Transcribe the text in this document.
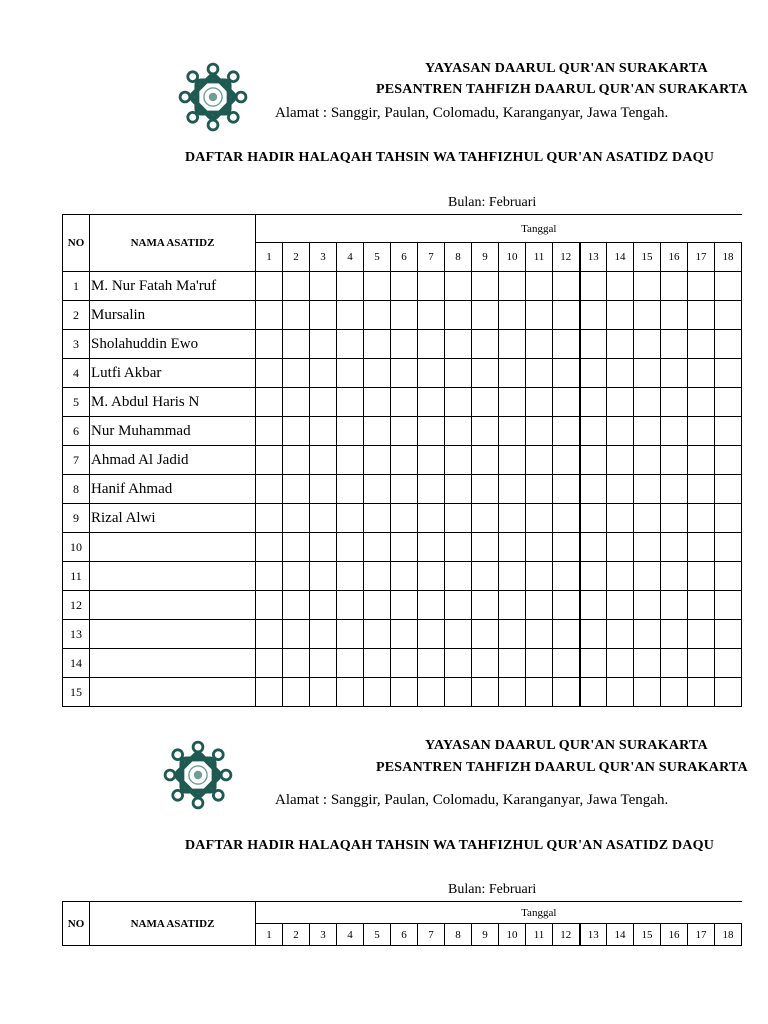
YAYASAN DAARUL QUR'AN SURAKARTA
PESANTREN TAHFIZH DAARUL QUR'AN SURAKARTA
Alamat : Sanggir, Paulan, Colomadu, Karanganyar, Jawa Tengah.
DAFTAR HADIR HALAQAH TAHSIN WA TAHFIZHUL QUR'AN ASATIDZ DAQU
Bulan: Februari
NO	NAMA ASATIDZ	Tanggal																	
		1	2	3	4	5	6	7	8	9	10	11	12	13	14	15	16	17	18
1	M. Nur Fatah Ma'ruf																		
2	Mursalin																		
3	Sholahuddin Ewo																		
4	Lutfi Akbar																		
5	M. Abdul Haris N																		
6	Nur Muhammad																		
7	Ahmad Al Jadid																		
8	Hanif Ahmad																		
9	Rizal Alwi																		
10																			
11																			
12																			
13																			
14																			
15																			
YAYASAN DAARUL QUR'AN SURAKARTA
PESANTREN TAHFIZH DAARUL QUR'AN SURAKARTA
Alamat : Sanggir, Paulan, Colomadu, Karanganyar, Jawa Tengah.
DAFTAR HADIR HALAQAH TAHSIN WA TAHFIZHUL QUR'AN ASATIDZ DAQU
Bulan: Februari
NO	NAMA ASATIDZ	Tanggal																	
		1	2	3	4	5	6	7	8	9	10	11	12	13	14	15	16	17	18
